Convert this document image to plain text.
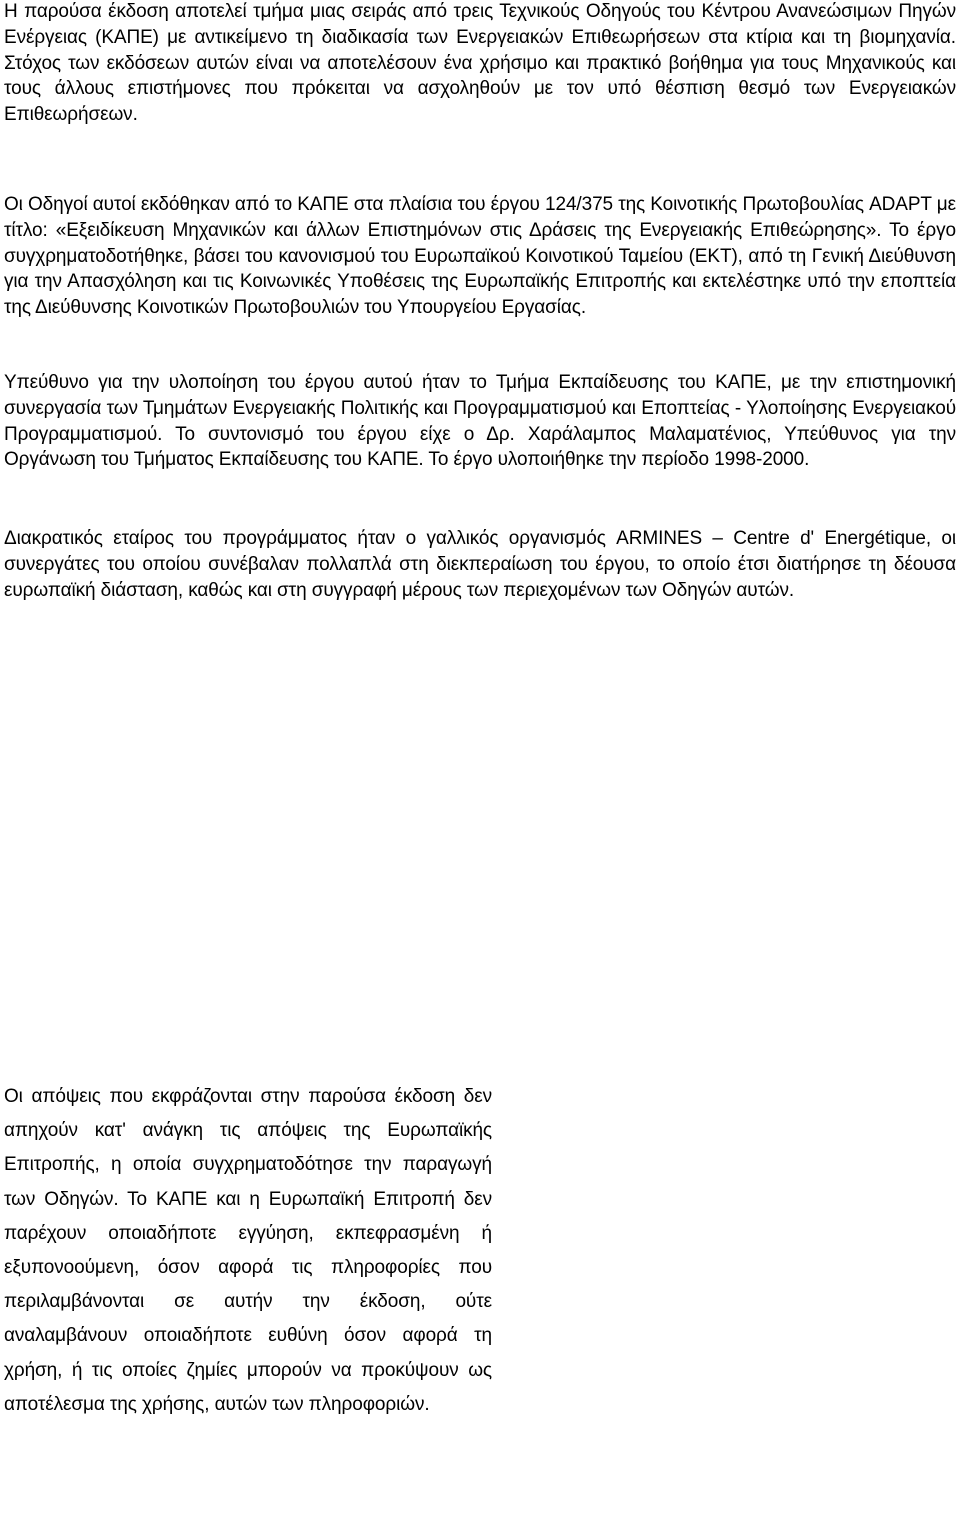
Η παρούσα έκδοση αποτελεί τμήμα μιας σειράς από τρεις Τεχνικούς Οδηγούς του Κέντρου Ανανεώσιμων Πηγών Ενέργειας (ΚΑΠΕ) με αντικείμενο τη διαδικασία των Ενεργειακών Επιθεωρήσεων στα κτίρια και τη βιομηχανία. Στόχος των εκδόσεων αυτών είναι να αποτελέσουν ένα χρήσιμο και πρακτικό βοήθημα για τους Μηχανικούς και τους άλλους επιστήμονες που πρόκειται να ασχοληθούν με τον υπό θέσπιση θεσμό των Ενεργειακών Επιθεωρήσεων.

Οι Οδηγοί αυτοί εκδόθηκαν από το ΚΑΠΕ στα πλαίσια του έργου 124/375 της Κοινοτικής Πρωτοβουλίας ADAPT με τίτλο: «Εξειδίκευση Μηχανικών και άλλων Επιστημόνων στις Δράσεις της Ενεργειακής Επιθεώρησης». Το έργο συγχρηματοδοτήθηκε, βάσει του κανονισμού του Ευρωπαϊκού Κοινοτικού Ταμείου (ΕΚΤ), από τη Γενική Διεύθυνση για την Απασχόληση και τις Κοινωνικές Υποθέσεις της Ευρωπαϊκής Επιτροπής και εκτελέστηκε υπό την εποπτεία της Διεύθυνσης Κοινοτικών Πρωτοβουλιών του Υπουργείου Εργασίας.

Υπεύθυνο για την υλοποίηση του έργου αυτού ήταν το Τμήμα Εκπαίδευσης του ΚΑΠΕ, με την επιστημονική συνεργασία των Τμημάτων Ενεργειακής Πολιτικής και Προγραμματισμού και Εποπτείας - Υλοποίησης Ενεργειακού Προγραμματισμού. Το συντονισμό του έργου είχε ο Δρ. Χαράλαμπος Μαλαματένιος, Υπεύθυνος για την Οργάνωση του Τμήματος Εκπαίδευσης του ΚΑΠΕ. Το έργο υλοποιήθηκε την περίοδο 1998-2000.

Διακρατικός εταίρος του προγράμματος ήταν ο γαλλικός οργανισμός ARMINES – Centre d' Energétique, οι συνεργάτες του οποίου συνέβαλαν πολλαπλά στη διεκπεραίωση του έργου, το οποίο έτσι διατήρησε τη δέουσα ευρωπαϊκή διάσταση, καθώς και στη συγγραφή μέρους των περιεχομένων των Οδηγών αυτών.

Οι απόψεις που εκφράζονται στην παρούσα έκδοση δεν απηχούν κατ' ανάγκη τις απόψεις της Ευρωπαϊκής Επιτροπής, η οποία συγχρηματοδότησε την παραγωγή των Οδηγών. Το ΚΑΠΕ και η Ευρωπαϊκή Επιτροπή δεν παρέχουν οποιαδήποτε εγγύηση, εκπεφρασμένη ή εξυπονοούμενη, όσον αφορά τις πληροφορίες που περιλαμβάνονται σε αυτήν την έκδοση, ούτε αναλαμβάνουν οποιαδήποτε ευθύνη όσον αφορά τη χρήση, ή τις οποίες ζημίες μπορούν να προκύψουν ως αποτέλεσμα της χρήσης, αυτών των πληροφοριών.
